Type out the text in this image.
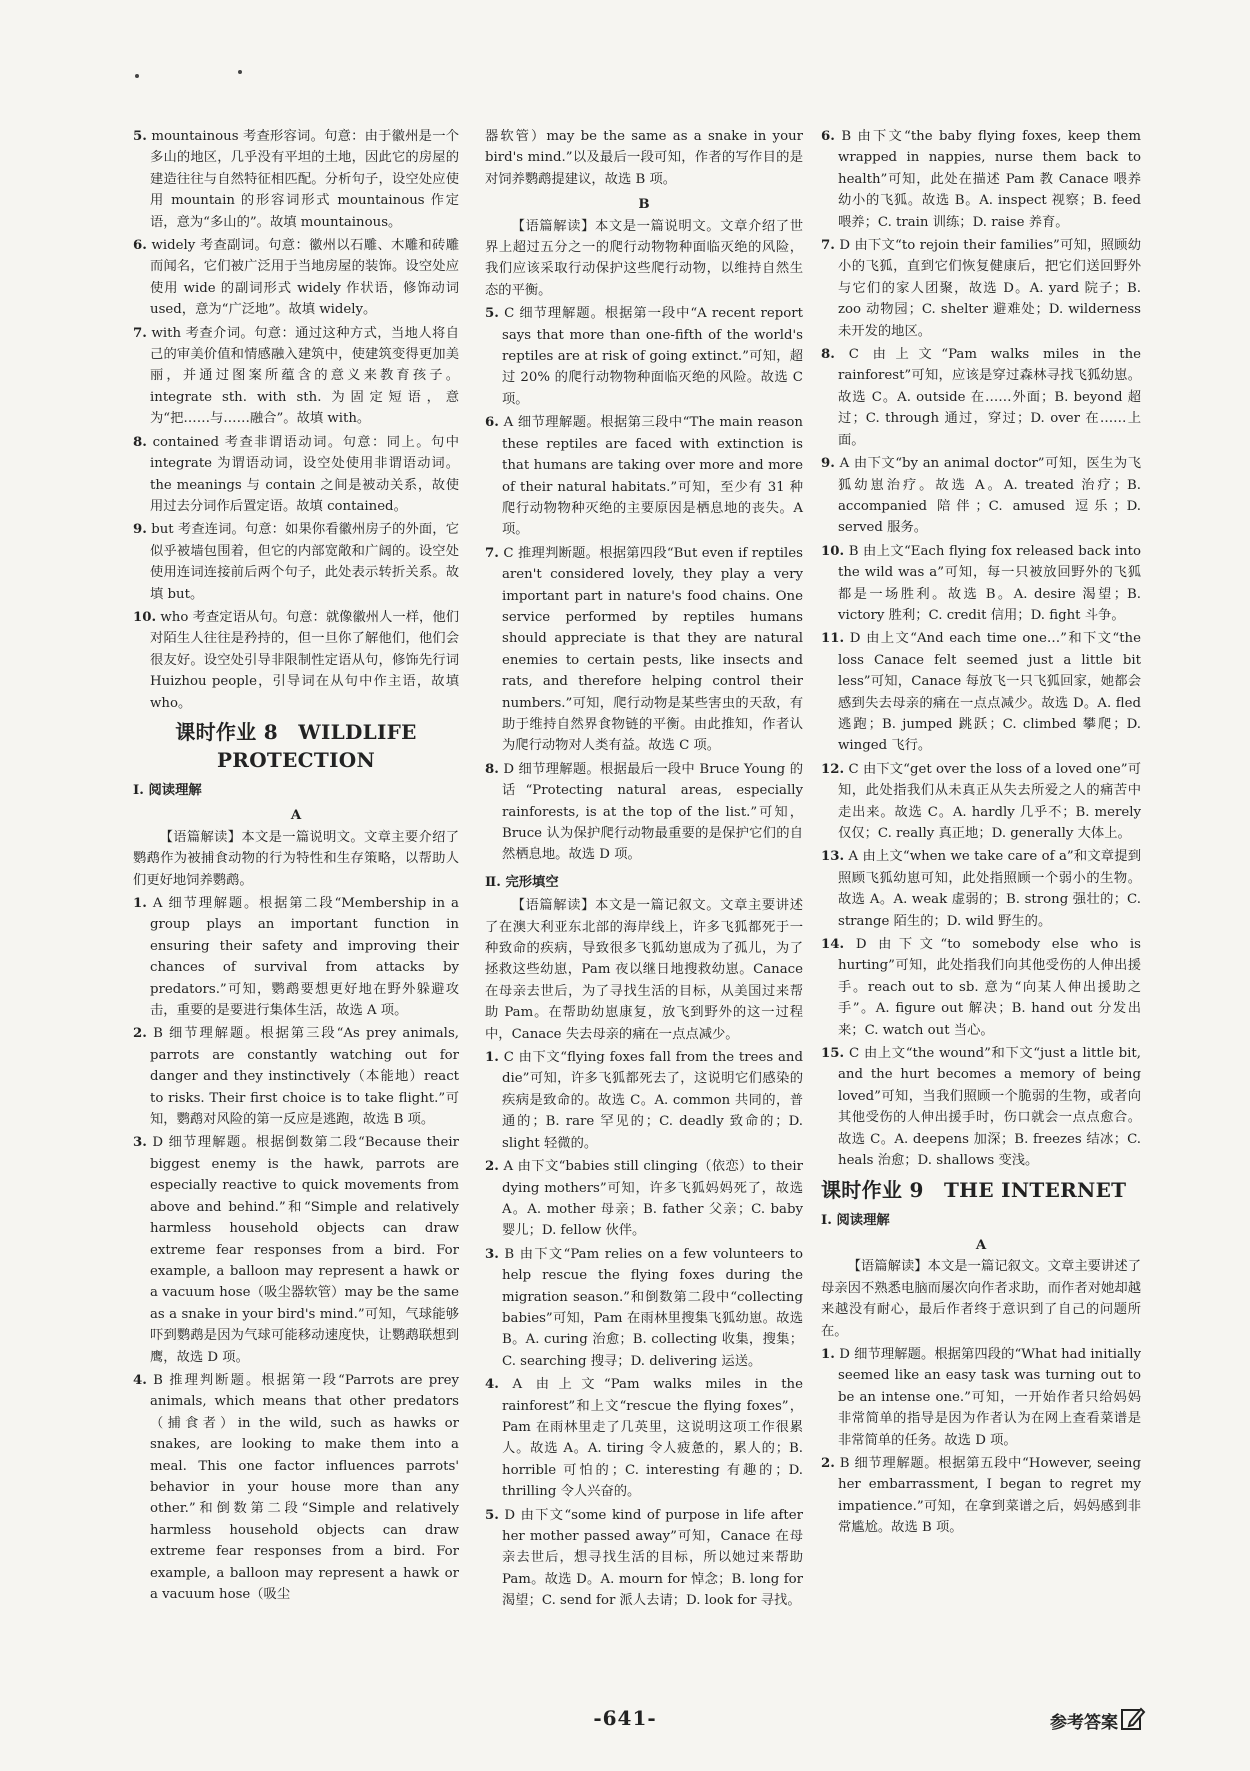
5. mountainous 考查形容词。句意：由于徽州是一个多山的地区，几乎没有平坦的土地，因此它的房屋的建造往往与自然特征相匹配。分析句子，设空处应使用 mountain 的形容词形式 mountainous 作定语，意为“多山的”。故填 mountainous。
6. widely 考查副词。句意：徽州以石雕、木雕和砖雕而闻名，它们被广泛用于当地房屋的装饰。设空处应使用 wide 的副词形式 widely 作状语，修饰动词 used，意为“广泛地”。故填 widely。
7. with 考查介词。句意：通过这种方式，当地人将自己的审美价值和情感融入建筑中，使建筑变得更加美丽，并通过图案所蕴含的意义来教育孩子。integrate sth. with sth. 为固定短语，意为“把……与……融合”。故填 with。
8. contained 考查非谓语动词。句意：同上。句中 integrate 为谓语动词，设空处使用非谓语动词。the meanings 与 contain 之间是被动关系，故使用过去分词作后置定语。故填 contained。
9. but 考查连词。句意：如果你看徽州房子的外面，它似乎被墙包围着，但它的内部宽敞和广阔的。设空处使用连词连接前后两个句子，此处表示转折关系。故填 but。
10. who 考查定语从句。句意：就像徽州人一样，他们对陌生人往往是矜持的，但一旦你了解他们，他们会很友好。设空处引导非限制性定语从句，修饰先行词 Huizhou people，引导词在从句中作主语，故填 who。
课时作业 8　WILDLIFE PROTECTION
Ⅰ. 阅读理解
A
【语篇解读】本文是一篇说明文。文章主要介绍了鹦鹉作为被捕食动物的行为特性和生存策略，以帮助人们更好地饲养鹦鹉。
1. A 细节理解题。根据第二段“Membership in a group plays an important function in ensuring their safety and improving their chances of survival from attacks by predators.”可知，鹦鹉要想更好地在野外躲避攻击，重要的是要进行集体生活，故选 A 项。
2. B 细节理解题。根据第三段“As prey animals, parrots are constantly watching out for danger and they instinctively（本能地）react to risks. Their first choice is to take flight.”可知，鹦鹉对风险的第一反应是逃跑，故选 B 项。
3. D 细节理解题。根据倒数第二段“Because their biggest enemy is the hawk, parrots are especially reactive to quick movements from above and behind.”和“Simple and relatively harmless household objects can draw extreme fear responses from a bird. For example, a balloon may represent a hawk or a vacuum hose（吸尘器软管）may be the same as a snake in your bird's mind.”可知，气球能够吓到鹦鹉是因为气球可能移动速度快，让鹦鹉联想到鹰，故选 D 项。
4. B 推理判断题。根据第一段“Parrots are prey animals, which means that other predators（捕食者）in the wild, such as hawks or snakes, are looking to make them into a meal. This one factor influences parrots' behavior in your house more than any other.”和倒数第二段“Simple and relatively harmless household objects can draw extreme fear responses from a bird. For example, a balloon may represent a hawk or a vacuum hose（吸尘
器软管）may be the same as a snake in your bird's mind.”以及最后一段可知，作者的写作目的是对饲养鹦鹉提建议，故选 B 项。
B
【语篇解读】本文是一篇说明文。文章介绍了世界上超过五分之一的爬行动物物种面临灭绝的风险，我们应该采取行动保护这些爬行动物，以维持自然生态的平衡。
5. C 细节理解题。根据第一段中“A recent report says that more than one-fifth of the world's reptiles are at risk of going extinct.”可知，超过 20% 的爬行动物物种面临灭绝的风险。故选 C 项。
6. A 细节理解题。根据第三段中“The main reason these reptiles are faced with extinction is that humans are taking over more and more of their natural habitats.”可知，至少有 31 种爬行动物物种灭绝的主要原因是栖息地的丧失。A 项。
7. C 推理判断题。根据第四段“But even if reptiles aren't considered lovely, they play a very important part in nature's food chains. One service performed by reptiles humans should appreciate is that they are natural enemies to certain pests, like insects and rats, and therefore helping control their numbers.”可知，爬行动物是某些害虫的天敌，有助于维持自然界食物链的平衡。由此推知，作者认为爬行动物对人类有益。故选 C 项。
8. D 细节理解题。根据最后一段中 Bruce Young 的话“Protecting natural areas, especially rainforests, is at the top of the list.”可知，Bruce 认为保护爬行动物最重要的是保护它们的自然栖息地。故选 D 项。
Ⅱ. 完形填空
【语篇解读】本文是一篇记叙文。文章主要讲述了在澳大利亚东北部的海岸线上，许多飞狐都死于一种致命的疾病，导致很多飞狐幼崽成为了孤儿，为了拯救这些幼崽，Pam 夜以继日地搜救幼崽。Canace 在母亲去世后，为了寻找生活的目标，从美国过来帮助 Pam。在帮助幼崽康复，放飞到野外的这一过程中，Canace 失去母亲的痛在一点点减少。
1. C 由下文“flying foxes fall from the trees and die”可知，许多飞狐都死去了，这说明它们感染的疾病是致命的。故选 C。A. common 共同的，普通的；B. rare 罕见的；C. deadly 致命的；D. slight 轻微的。
2. A 由下文“babies still clinging（依恋）to their dying mothers”可知，许多飞狐妈妈死了，故选 A。A. mother 母亲；B. father 父亲；C. baby 婴儿；D. fellow 伙伴。
3. B 由下文“Pam relies on a few volunteers to help rescue the flying foxes during the migration season.”和倒数第二段中“collecting babies”可知，Pam 在雨林里搜集飞狐幼崽。故选 B。A. curing 治愈；B. collecting 收集，搜集；C. searching 搜寻；D. delivering 运送。
4. A 由上文“Pam walks miles in the rainforest”和上文“rescue the flying foxes”，Pam 在雨林里走了几英里，这说明这项工作很累人。故选 A。A. tiring 令人疲惫的，累人的；B. horrible 可怕的；C. interesting 有趣的；D. thrilling 令人兴奋的。
5. D 由下文“some kind of purpose in life after her mother passed away”可知，Canace 在母亲去世后，想寻找生活的目标，所以她过来帮助 Pam。故选 D。A. mourn for 悼念；B. long for 渴望；C. send for 派人去请；D. look for 寻找。
6. B 由下文“the baby flying foxes, keep them wrapped in nappies, nurse them back to health”可知，此处在描述 Pam 教 Canace 喂养幼小的飞狐。故选 B。A. inspect 视察；B. feed 喂养；C. train 训练；D. raise 养育。
7. D 由下文“to rejoin their families”可知，照顾幼小的飞狐，直到它们恢复健康后，把它们送回野外与它们的家人团聚，故选 D。A. yard 院子；B. zoo 动物园；C. shelter 避难处；D. wilderness 未开发的地区。
8. C 由上文“Pam walks miles in the rainforest”可知，应该是穿过森林寻找飞狐幼崽。故选 C。A. outside 在……外面；B. beyond 超过；C. through 通过，穿过；D. over 在……上面。
9. A 由下文“by an animal doctor”可知，医生为飞狐幼崽治疗。故选 A。A. treated 治疗；B. accompanied 陪伴；C. amused 逗乐；D. served 服务。
10. B 由上文“Each flying fox released back into the wild was a”可知，每一只被放回野外的飞狐都是一场胜利。故选 B。A. desire 渴望；B. victory 胜利；C. credit 信用；D. fight 斗争。
11. D 由上文“And each time one…”和下文“the loss Canace felt seemed just a little bit less”可知，Canace 每放飞一只飞狐回家，她都会感到失去母亲的痛在一点点减少。故选 D。A. fled 逃跑；B. jumped 跳跃；C. climbed 攀爬；D. winged 飞行。
12. C 由下文“get over the loss of a loved one”可知，此处指我们从未真正从失去所爱之人的痛苦中走出来。故选 C。A. hardly 几乎不；B. merely 仅仅；C. really 真正地；D. generally 大体上。
13. A 由上文“when we take care of a”和文章提到照顾飞狐幼崽可知，此处指照顾一个弱小的生物。故选 A。A. weak 虚弱的；B. strong 强壮的；C. strange 陌生的；D. wild 野生的。
14. D 由下文“to somebody else who is hurting”可知，此处指我们向其他受伤的人伸出援手。reach out to sb. 意为“向某人伸出援助之手”。A. figure out 解决；B. hand out 分发出来；C. watch out 当心。
15. C 由上文“the wound”和下文“just a little bit, and the hurt becomes a memory of being loved”可知，当我们照顾一个脆弱的生物，或者向其他受伤的人伸出援手时，伤口就会一点点愈合。故选 C。A. deepens 加深；B. freezes 结冰；C. heals 治愈；D. shallows 变浅。
课时作业 9　THE INTERNET
Ⅰ. 阅读理解
A
【语篇解读】本文是一篇记叙文。文章主要讲述了母亲因不熟悉电脑而屡次向作者求助，而作者对她却越来越没有耐心，最后作者终于意识到了自己的问题所在。
1. D 细节理解题。根据第四段的“What had initially seemed like an easy task was turning out to be an intense one.”可知，一开始作者只给妈妈非常简单的指导是因为作者认为在网上查看菜谱是非常简单的任务。故选 D 项。
2. B 细节理解题。根据第五段中“However, seeing her embarrassment, I began to regret my impatience.”可知，在拿到菜谱之后，妈妈感到非常尴尬。故选 B 项。
-641-	参考答案
